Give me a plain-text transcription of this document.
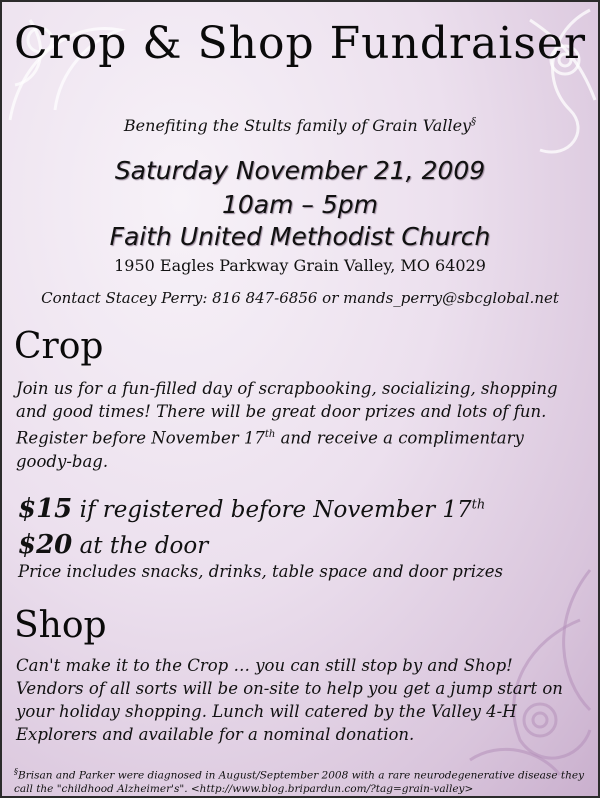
Crop & Shop Fundraiser
Benefiting the Stults family of Grain Valley§
Saturday November 21, 2009
10am – 5pm
Faith United Methodist Church
1950 Eagles Parkway Grain Valley, MO 64029
Contact Stacey Perry: 816 847-6856 or mands_perry@sbcglobal.net
Crop
Join us for a fun-filled day of scrapbooking, socializing, shopping and good times! There will be great door prizes and lots of fun. Register before November 17th and receive a complimentary goody-bag.
$15 if registered before November 17th
$20 at the door
Price includes snacks, drinks, table space and door prizes
Shop
Can't make it to the Crop … you can still stop by and Shop! Vendors of all sorts will be on-site to help you get a jump start on your holiday shopping. Lunch will catered by the Valley 4-H Explorers and available for a nominal donation.
§Brisan and Parker were diagnosed in August/September 2008 with a rare neurodegenerative disease they call the "childhood Alzheimer's". <http://www.blog.bripardun.com/?tag=grain-valley>
